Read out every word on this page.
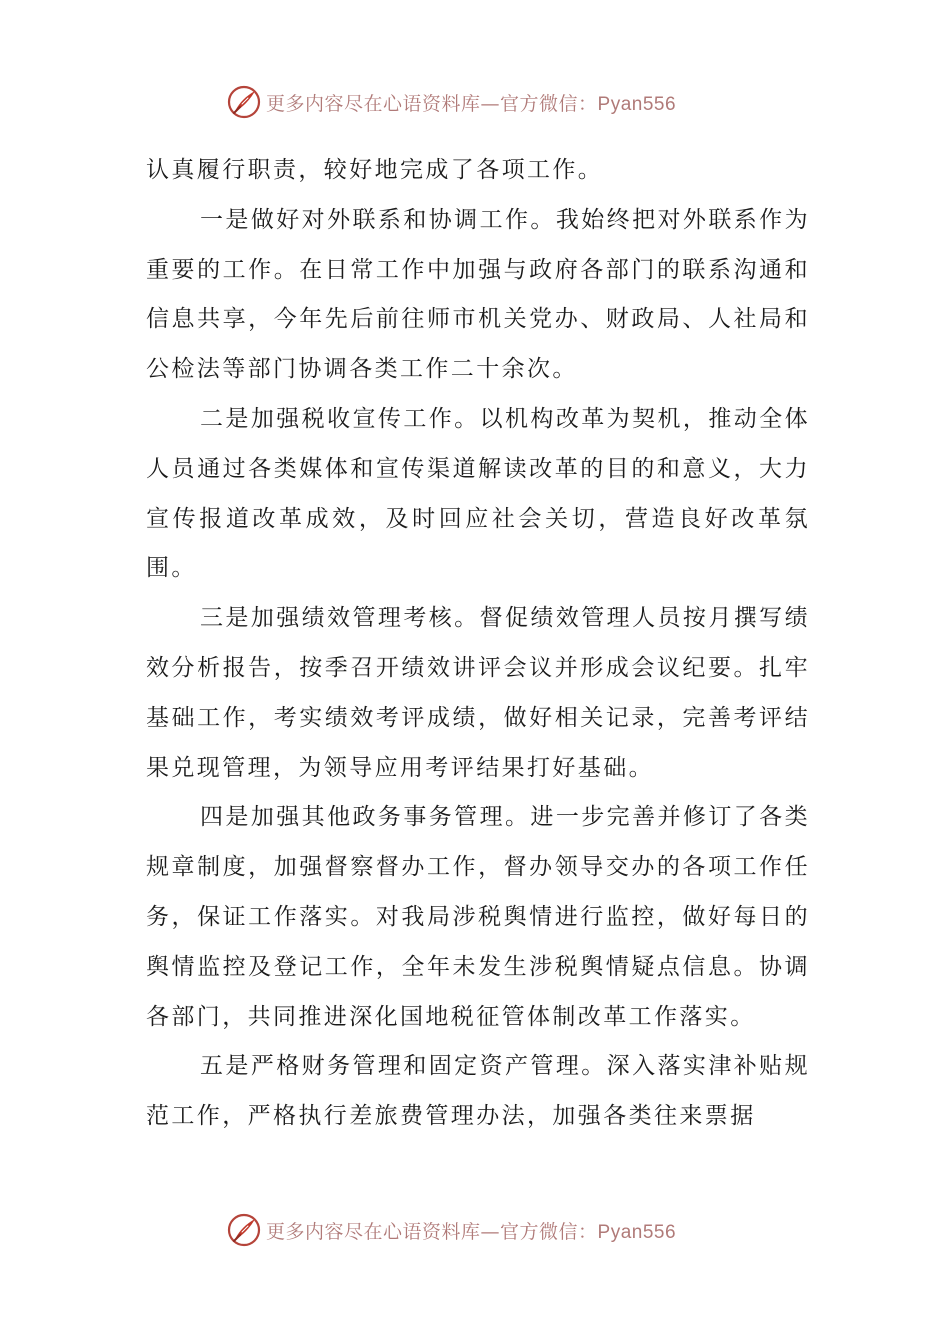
更多内容尽在心语资料库—官方微信：Pyan556

认真履行职责，较好地完成了各项工作。

一是做好对外联系和协调工作。我始终把对外联系作为重要的工作。在日常工作中加强与政府各部门的联系沟通和信息共享，今年先后前往师市机关党办、财政局、人社局和公检法等部门协调各类工作二十余次。

二是加强税收宣传工作。以机构改革为契机，推动全体人员通过各类媒体和宣传渠道解读改革的目的和意义，大力宣传报道改革成效，及时回应社会关切，营造良好改革氛围。

三是加强绩效管理考核。督促绩效管理人员按月撰写绩效分析报告，按季召开绩效讲评会议并形成会议纪要。扎牢基础工作，考实绩效考评成绩，做好相关记录，完善考评结果兑现管理，为领导应用考评结果打好基础。

四是加强其他政务事务管理。进一步完善并修订了各类规章制度，加强督察督办工作，督办领导交办的各项工作任务，保证工作落实。对我局涉税舆情进行监控，做好每日的舆情监控及登记工作，全年未发生涉税舆情疑点信息。协调各部门，共同推进深化国地税征管体制改革工作落实。

五是严格财务管理和固定资产管理。深入落实津补贴规范工作，严格执行差旅费管理办法，加强各类往来票据

更多内容尽在心语资料库—官方微信：Pyan556
